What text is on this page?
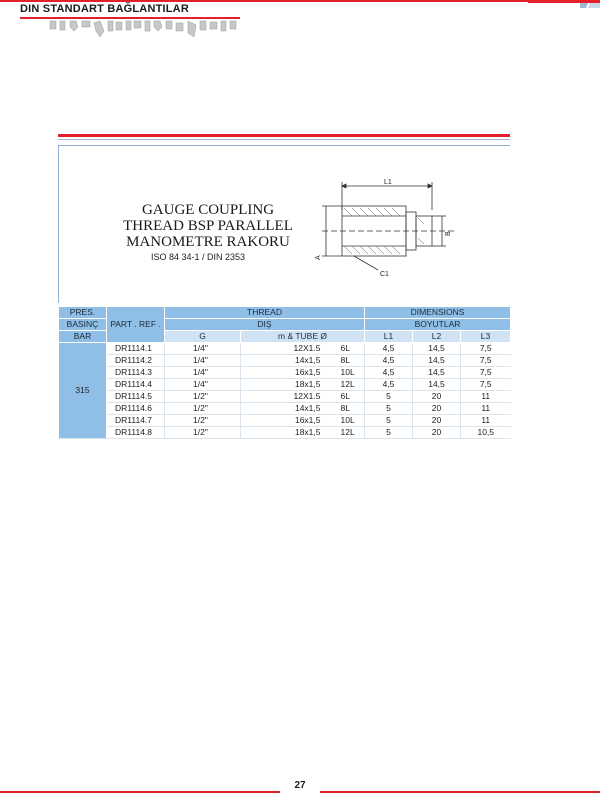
DIN STANDART BAĞLANTILAR
GAUGE COUPLING
THREAD BSP PARALLEL
MANOMETRE RAKORU
ISO 84 34-1 / DIN 2353
L1
A
B
C1
PRES.	PART . REF .	THREAD			DIMENSIONS		
BASINÇ		DIŞ			BOYUTLAR		
BAR		G	m & TUBE Ø		L1	L2	L3
315	DR1114.1	1/4"	12X1.5	6L	4,5	14,5	7,5
	DR1114.2	1/4"	14x1,5	8L	4,5	14,5	7,5
	DR1114.3	1/4"	16x1,5	10L	4,5	14,5	7,5
	DR1114.4	1/4"	18x1,5	12L	4,5	14,5	7,5
	DR1114.5	1/2"	12X1.5	6L	5	20	11
	DR1114.6	1/2"	14x1,5	8L	5	20	11
	DR1114.7	1/2"	16x1,5	10L	5	20	11
	DR1114.8	1/2"	18x1,5	12L	5	20	10,5
27
